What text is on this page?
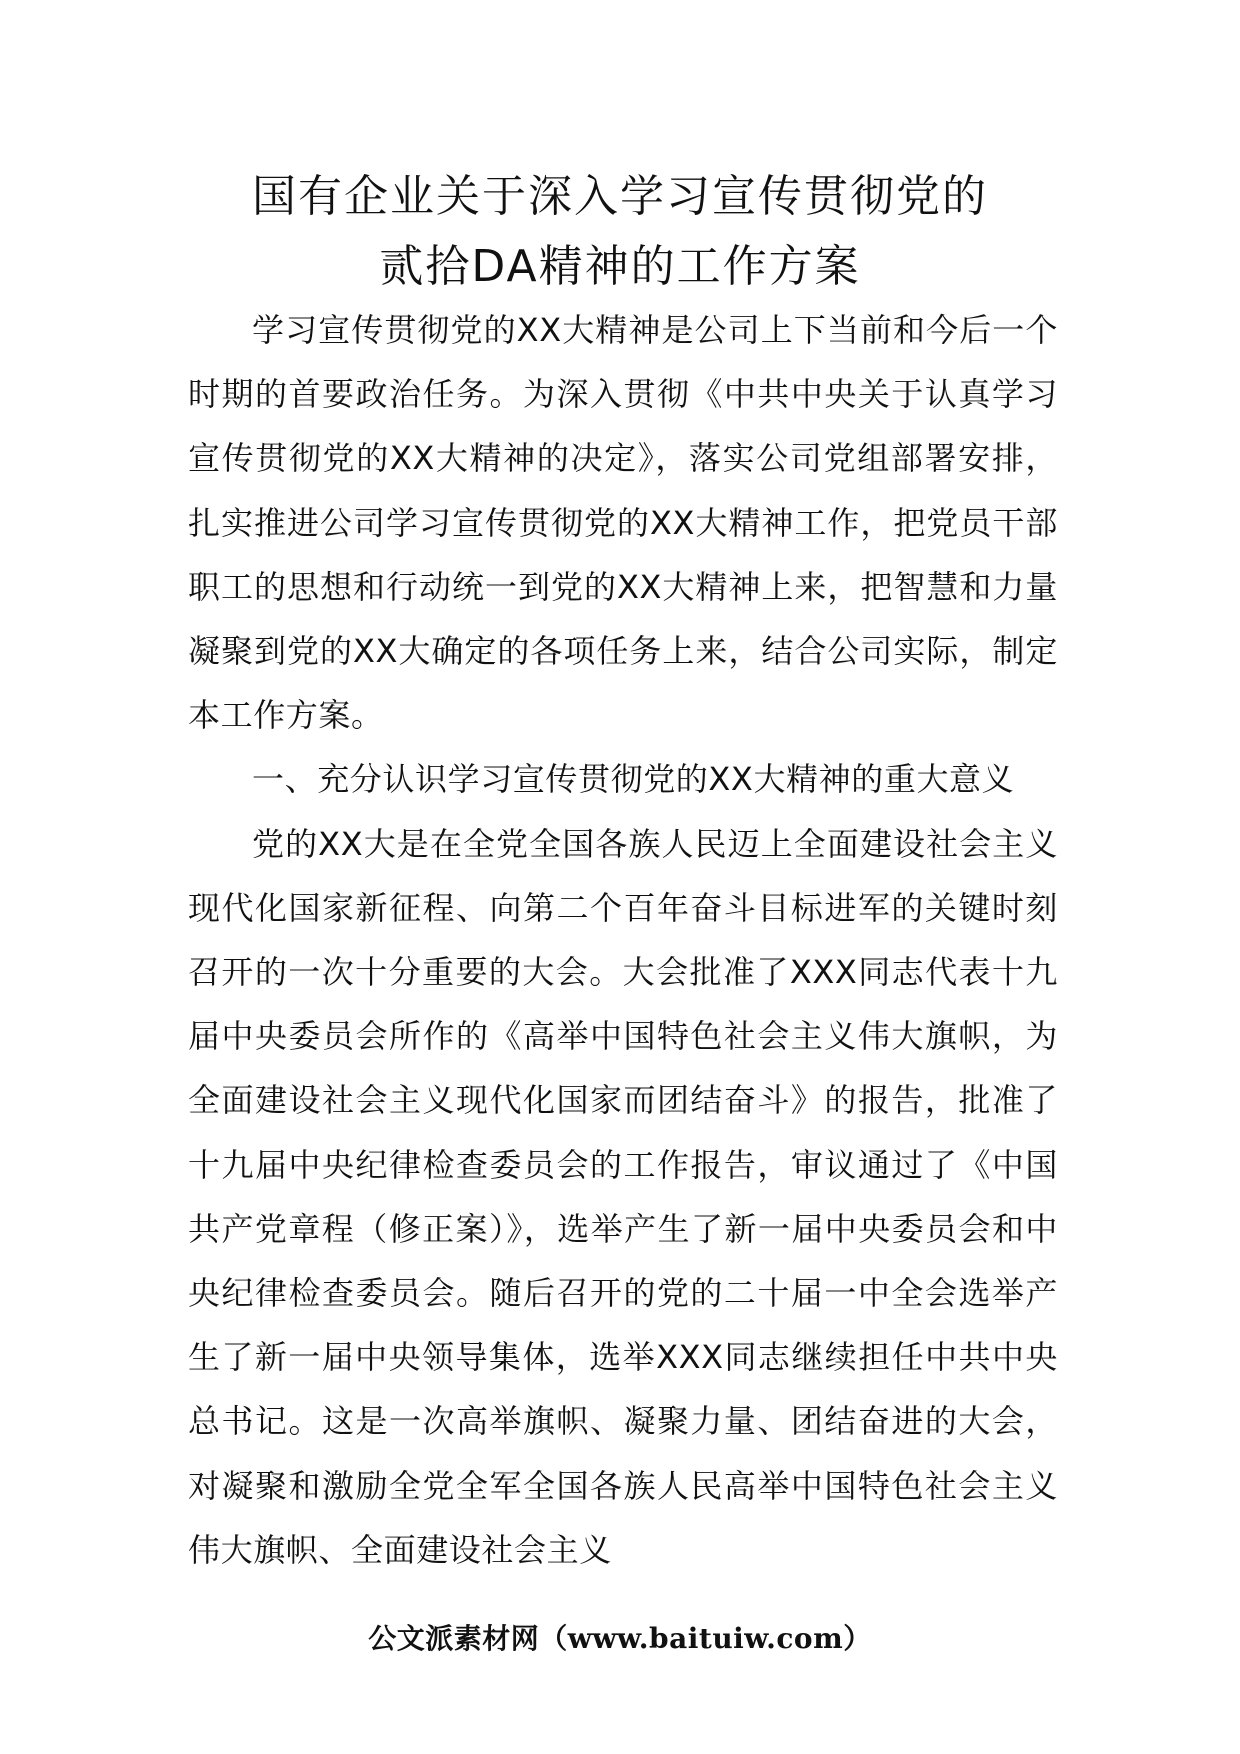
国有企业关于深入学习宣传贯彻党的
贰拾DA精神的工作方案

学习宣传贯彻党的XX大精神是公司上下当前和今后一个时期的首要政治任务。为深入贯彻《中共中央关于认真学习宣传贯彻党的XX大精神的决定》，落实公司党组部署安排，扎实推进公司学习宣传贯彻党的XX大精神工作，把党员干部职工的思想和行动统一到党的XX大精神上来，把智慧和力量凝聚到党的XX大确定的各项任务上来，结合公司实际，制定本工作方案。

一、充分认识学习宣传贯彻党的XX大精神的重大意义

党的XX大是在全党全国各族人民迈上全面建设社会主义现代化国家新征程、向第二个百年奋斗目标进军的关键时刻召开的一次十分重要的大会。大会批准了XXX同志代表十九届中央委员会所作的《高举中国特色社会主义伟大旗帜，为全面建设社会主义现代化国家而团结奋斗》的报告，批准了十九届中央纪律检查委员会的工作报告，审议通过了《中国共产党章程（修正案）》，选举产生了新一届中央委员会和中央纪律检查委员会。随后召开的党的二十届一中全会选举产生了新一届中央领导集体，选举XXX同志继续担任中共中央总书记。这是一次高举旗帜、凝聚力量、团结奋进的大会，对凝聚和激励全党全军全国各族人民高举中国特色社会主义伟大旗帜、全面建设社会主义

公文派素材网（www.baituiw.com）
